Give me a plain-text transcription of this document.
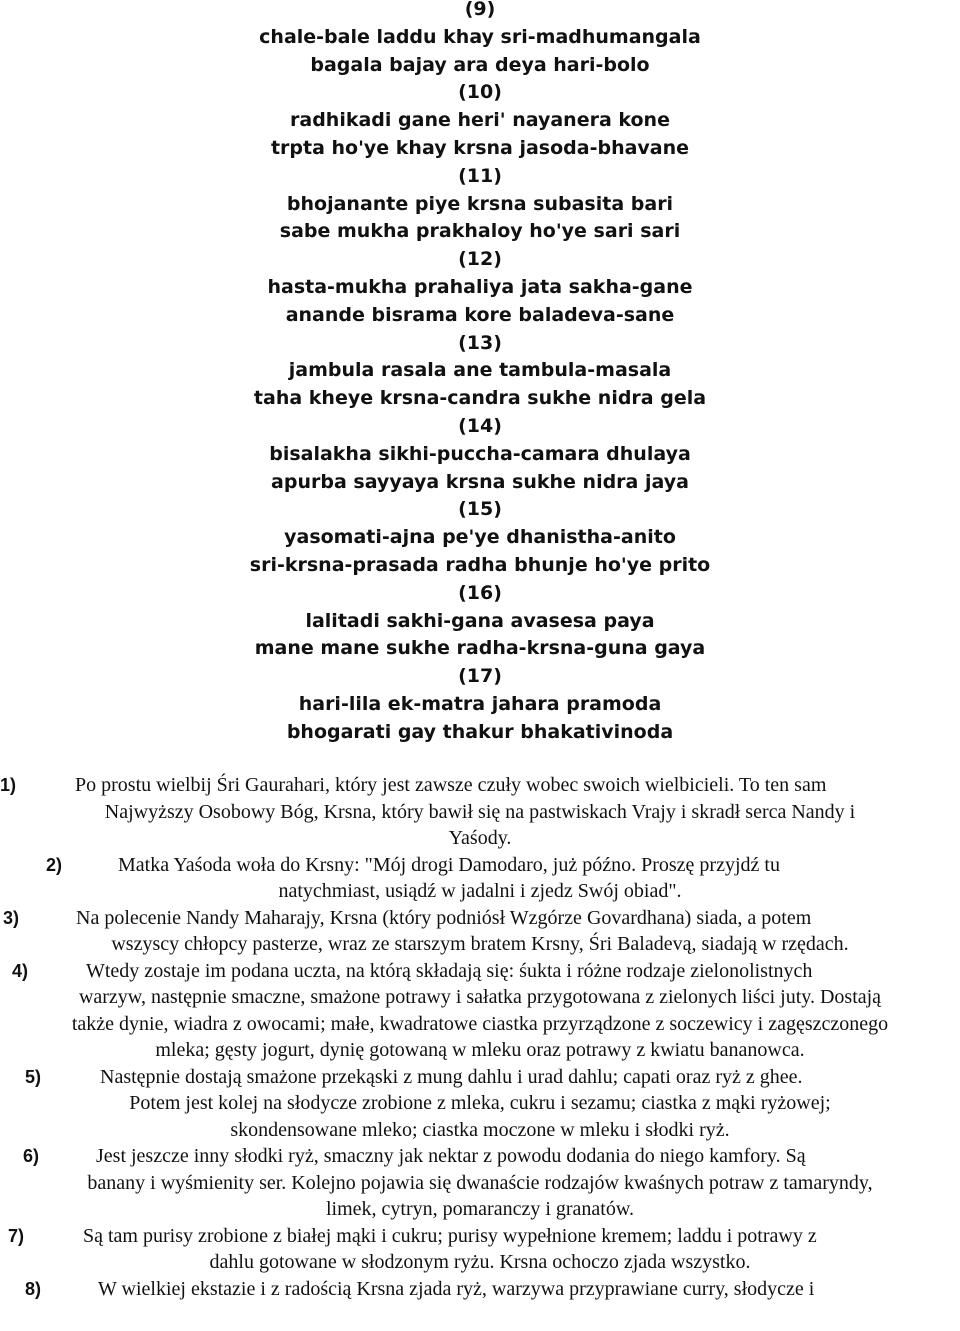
(9)
chale-bale laddu khay sri-madhumangala
bagala bajay ara deya hari-bolo
(10)
radhikadi gane heri' nayanera kone
trpta ho'ye khay krsna jasoda-bhavane
(11)
bhojanante piye krsna subasita bari
sabe mukha prakhaloy ho'ye sari sari
(12)
hasta-mukha prahaliya jata sakha-gane
anande bisrama kore baladeva-sane
(13)
jambula rasala ane tambula-masala
taha kheye krsna-candra sukhe nidra gela
(14)
bisalakha sikhi-puccha-camara dhulaya
apurba sayyaya krsna sukhe nidra jaya
(15)
yasomati-ajna pe'ye dhanistha-anito
sri-krsna-prasada radha bhunje ho'ye prito
(16)
lalitadi sakhi-gana avasesa paya
mane mane sukhe radha-krsna-guna gaya
(17)
hari-lila ek-matra jahara pramoda
bhogarati gay thakur bhakativinoda
1)	Po prostu wielbij Śri Gaurahari, który jest zawsze czuły wobec swoich wielbicieli. To ten sam
Najwyższy Osobowy Bóg, Krsna, który bawił się na pastwiskach Vrajy i skradł serca Nandy i
Yaśody.
2)	Matka Yaśoda woła do Krsny: "Mój drogi Damodaro, już późno. Proszę przyjdź tu
natychmiast, usiądź w jadalni i zjedz Swój obiad".
3)	Na polecenie Nandy Maharajy, Krsna (który podniósł Wzgórze Govardhana) siada, a potem
wszyscy chłopcy pasterze, wraz ze starszym bratem Krsny, Śri Baladevą, siadają w rzędach.
4)	Wtedy zostaje im podana uczta, na którą składają się: śukta i różne rodzaje zielonolistnych
warzyw, następnie smaczne, smażone potrawy i sałatka przygotowana z zielonych liści juty. Dostają
także dynie, wiadra z owocami; małe, kwadratowe ciastka przyrządzone z soczewicy i zagęszczonego
mleka; gęsty jogurt, dynię gotowaną w mleku oraz potrawy z kwiatu bananowca.
5)	Następnie dostają smażone przekąski z mung dahlu i urad dahlu; capati oraz ryż z ghee.
Potem jest kolej na słodycze zrobione z mleka, cukru i sezamu; ciastka z mąki ryżowej;
skondensowane mleko; ciastka moczone w mleku i słodki ryż.
6)	Jest jeszcze inny słodki ryż, smaczny jak nektar z powodu dodania do niego kamfory. Są
banany i wyśmienity ser. Kolejno pojawia się dwanaście rodzajów kwaśnych potraw z tamaryndy,
limek, cytryn, pomaranczy i granatów.
7)	Są tam purisy zrobione z białej mąki i cukru; purisy wypełnione kremem; laddu i potrawy z
dahlu gotowane w słodzonym ryżu. Krsna ochoczo zjada wszystko.
8)	W wielkiej ekstazie i z radością Krsna zjada ryż, warzywa przyprawiane curry, słodycze i
